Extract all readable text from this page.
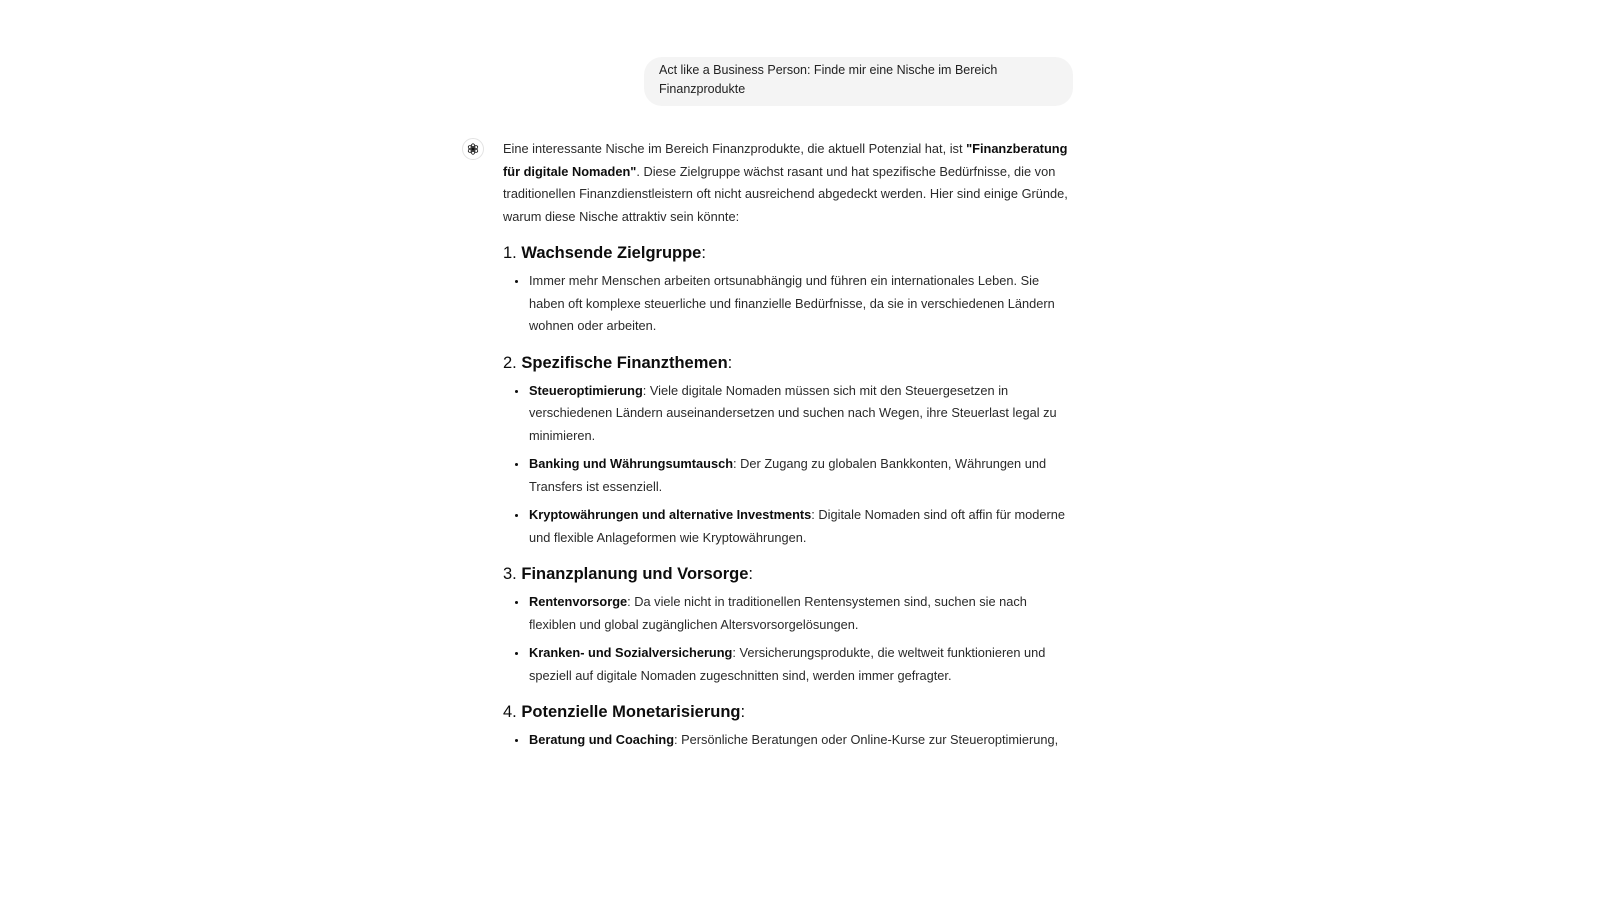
Act like a Business Person: Finde mir eine Nische im Bereich Finanzprodukte

Eine interessante Nische im Bereich Finanzprodukte, die aktuell Potenzial hat, ist "Finanzberatung für digitale Nomaden". Diese Zielgruppe wächst rasant und hat spezifische Bedürfnisse, die von traditionellen Finanzdienstleistern oft nicht ausreichend abgedeckt werden. Hier sind einige Gründe, warum diese Nische attraktiv sein könnte:

1. Wachsende Zielgruppe:
• Immer mehr Menschen arbeiten ortsunabhängig und führen ein internationales Leben. Sie haben oft komplexe steuerliche und finanzielle Bedürfnisse, da sie in verschiedenen Ländern wohnen oder arbeiten.
2. Spezifische Finanzthemen:
• Steueroptimierung: Viele digitale Nomaden müssen sich mit den Steuergesetzen in verschiedenen Ländern auseinandersetzen und suchen nach Wegen, ihre Steuerlast legal zu minimieren.
• Banking und Währungsumtausch: Der Zugang zu globalen Bankkonten, Währungen und Transfers ist essenziell.
• Kryptowährungen und alternative Investments: Digitale Nomaden sind oft affin für moderne und flexible Anlageformen wie Kryptowährungen.
3. Finanzplanung und Vorsorge:
• Rentenvorsorge: Da viele nicht in traditionellen Rentensystemen sind, suchen sie nach flexiblen und global zugänglichen Altersvorsorgelösungen.
• Kranken- und Sozialversicherung: Versicherungsprodukte, die weltweit funktionieren und speziell auf digitale Nomaden zugeschnitten sind, werden immer gefragter.
4. Potenzielle Monetarisierung:
• Beratung und Coaching: Persönliche Beratungen oder Online-Kurse zur Steueroptimierung,
